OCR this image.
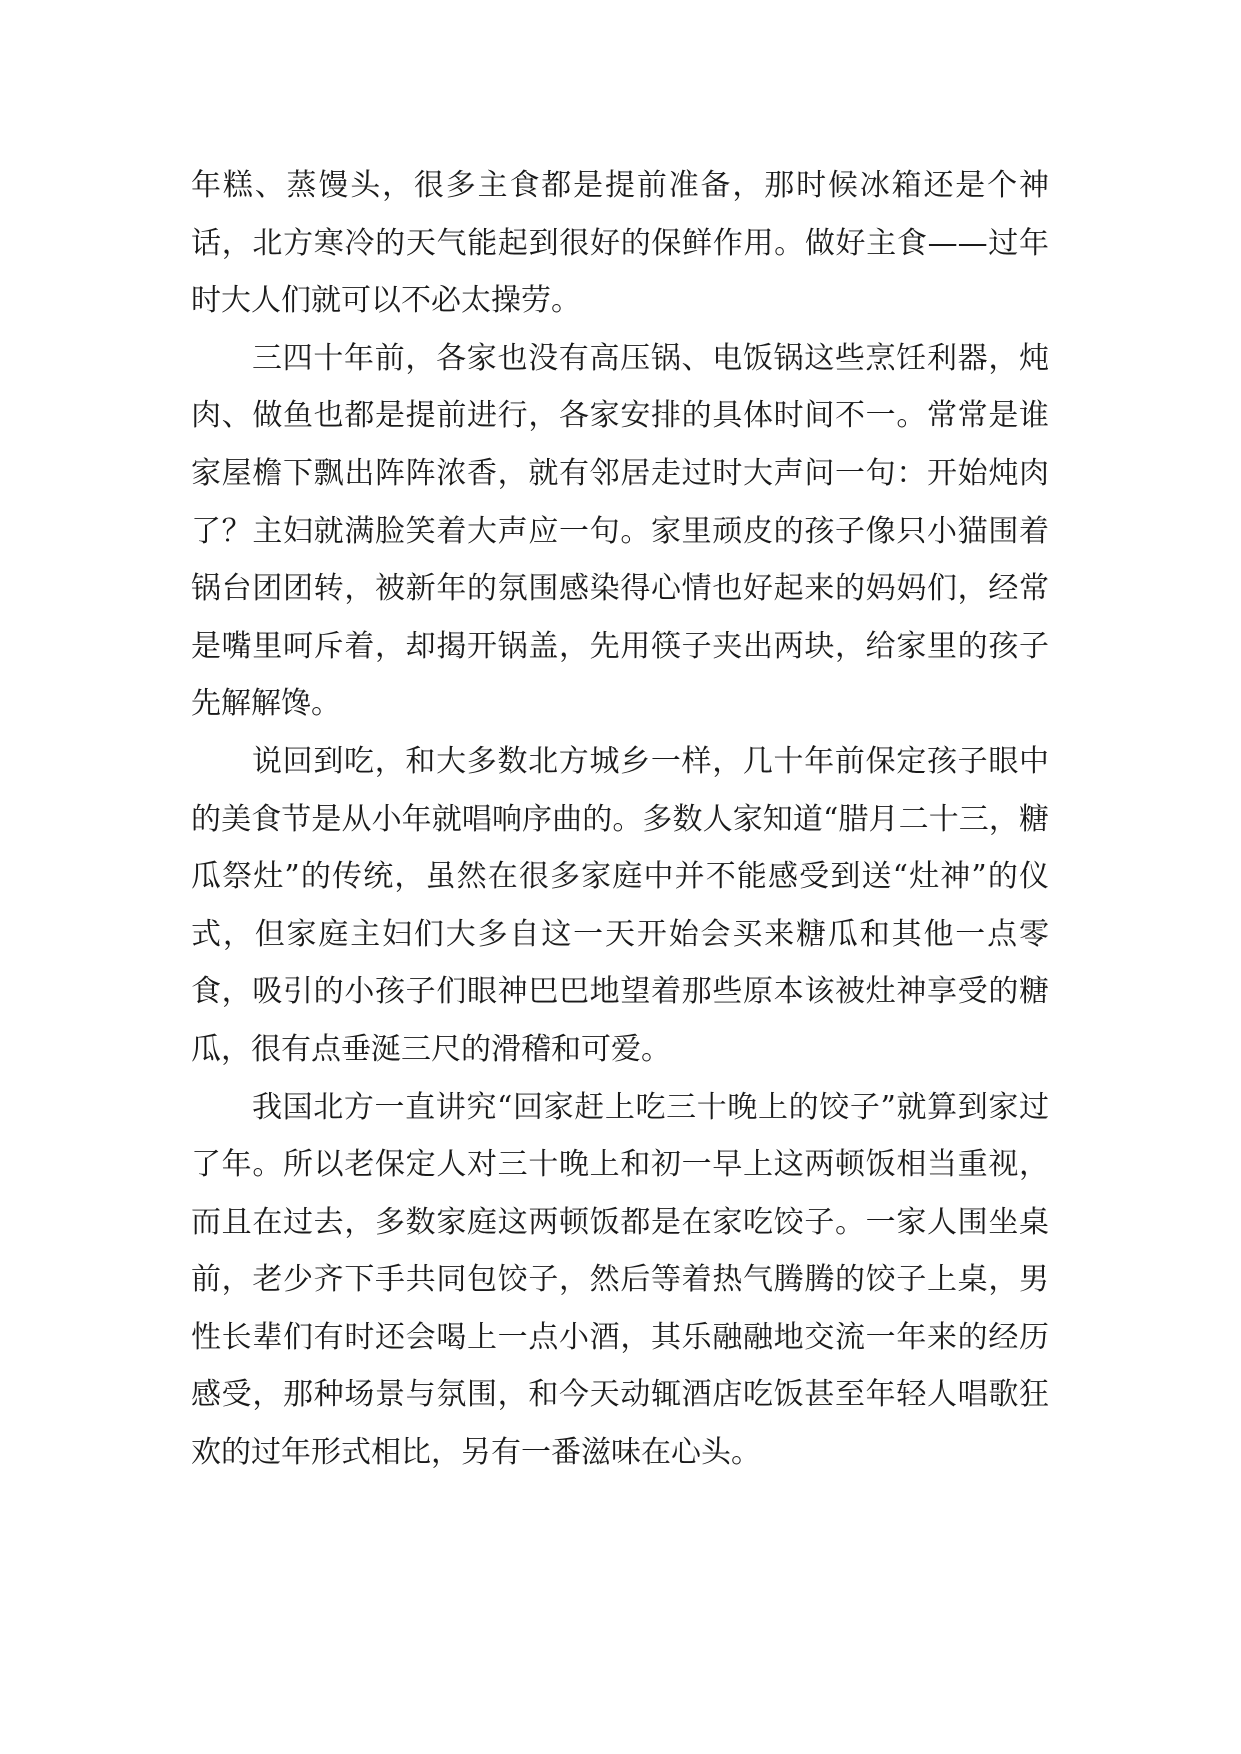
年糕、蒸馒头，很多主食都是提前准备，那时候冰箱还是个神话，北方寒冷的天气能起到很好的保鲜作用。做好主食——过年时大人们就可以不必太操劳。

三四十年前，各家也没有高压锅、电饭锅这些烹饪利器，炖肉、做鱼也都是提前进行，各家安排的具体时间不一。常常是谁家屋檐下飘出阵阵浓香，就有邻居走过时大声问一句：开始炖肉了？主妇就满脸笑着大声应一句。家里顽皮的孩子像只小猫围着锅台团团转，被新年的氛围感染得心情也好起来的妈妈们，经常是嘴里呵斥着，却揭开锅盖，先用筷子夹出两块，给家里的孩子先解解馋。

说回到吃，和大多数北方城乡一样，几十年前保定孩子眼中的美食节是从小年就唱响序曲的。多数人家知道“腊月二十三，糖瓜祭灶”的传统，虽然在很多家庭中并不能感受到送“灶神”的仪式，但家庭主妇们大多自这一天开始会买来糖瓜和其他一点零食，吸引的小孩子们眼神巴巴地望着那些原本该被灶神享受的糖瓜，很有点垂涎三尺的滑稽和可爱。

我国北方一直讲究“回家赶上吃三十晚上的饺子”就算到家过了年。所以老保定人对三十晚上和初一早上这两顿饭相当重视，而且在过去，多数家庭这两顿饭都是在家吃饺子。一家人围坐桌前，老少齐下手共同包饺子，然后等着热气腾腾的饺子上桌，男性长辈们有时还会喝上一点小酒，其乐融融地交流一年来的经历感受，那种场景与氛围，和今天动辄酒店吃饭甚至年轻人唱歌狂欢的过年形式相比，另有一番滋味在心头。
